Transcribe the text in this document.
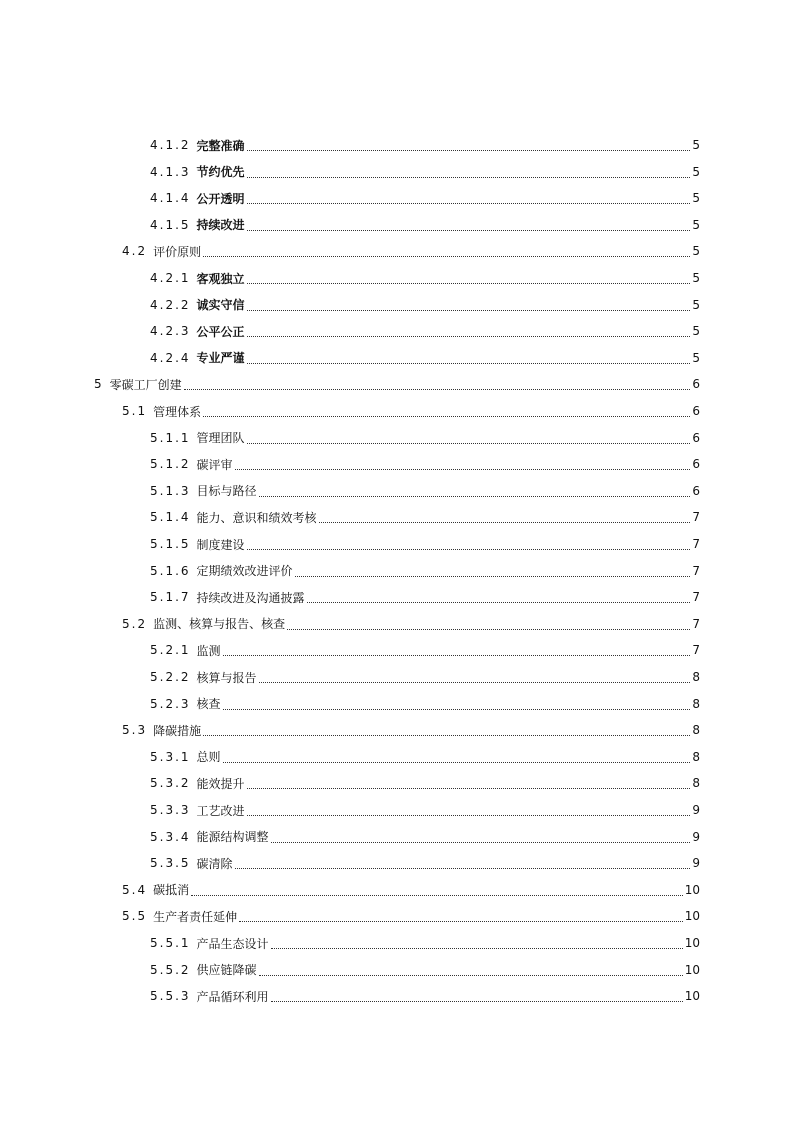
4.1.2 完整准确	5
4.1.3 节约优先	5
4.1.4 公开透明	5
4.1.5 持续改进	5
4.2 评价原则	5
4.2.1 客观独立	5
4.2.2 诚实守信	5
4.2.3 公平公正	5
4.2.4 专业严谨	5
5 零碳工厂创建	6
5.1 管理体系	6
5.1.1 管理团队	6
5.1.2 碳评审	6
5.1.3 目标与路径	6
5.1.4 能力、意识和绩效考核	7
5.1.5 制度建设	7
5.1.6 定期绩效改进评价	7
5.1.7 持续改进及沟通披露	7
5.2 监测、核算与报告、核查	7
5.2.1 监测	7
5.2.2 核算与报告	8
5.2.3 核查	8
5.3 降碳措施	8
5.3.1 总则	8
5.3.2 能效提升	8
5.3.3 工艺改进	9
5.3.4 能源结构调整	9
5.3.5 碳清除	9
5.4 碳抵消	10
5.5 生产者责任延伸	10
5.5.1 产品生态设计	10
5.5.2 供应链降碳	10
5.5.3 产品循环利用	10
